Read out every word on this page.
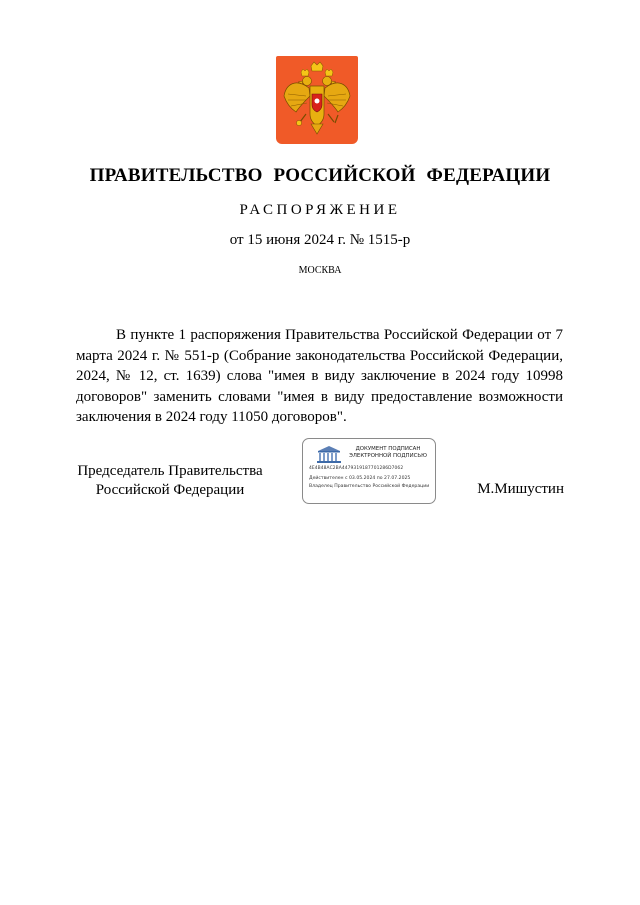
ПРАВИТЕЛЬСТВО РОССИЙСКОЙ ФЕДЕРАЦИИ
РАСПОРЯЖЕНИЕ
от 15 июня 2024 г. № 1515-р
МОСКВА

В пункте 1 распоряжения Правительства Российской Федерации от 7 марта 2024 г. № 551-р (Собрание законодательства Российской Федерации, 2024, № 12, ст. 1639) слова "имея в виду заключение в 2024 году 10998 договоров" заменить словами "имея в виду предоставление возможности заключения в 2024 году 11050 договоров".

Председатель Правительства
Российской Федерации
ДОКУМЕНТ ПОДПИСАН
ЭЛЕКТРОННОЙ ПОДПИСЬЮ
4E4B48AC2BA4479319187701286D7062
Действителен с 03.05.2024 по 27.07.2025
Владелец Правительство Российской Федерации	М.Мишустин
